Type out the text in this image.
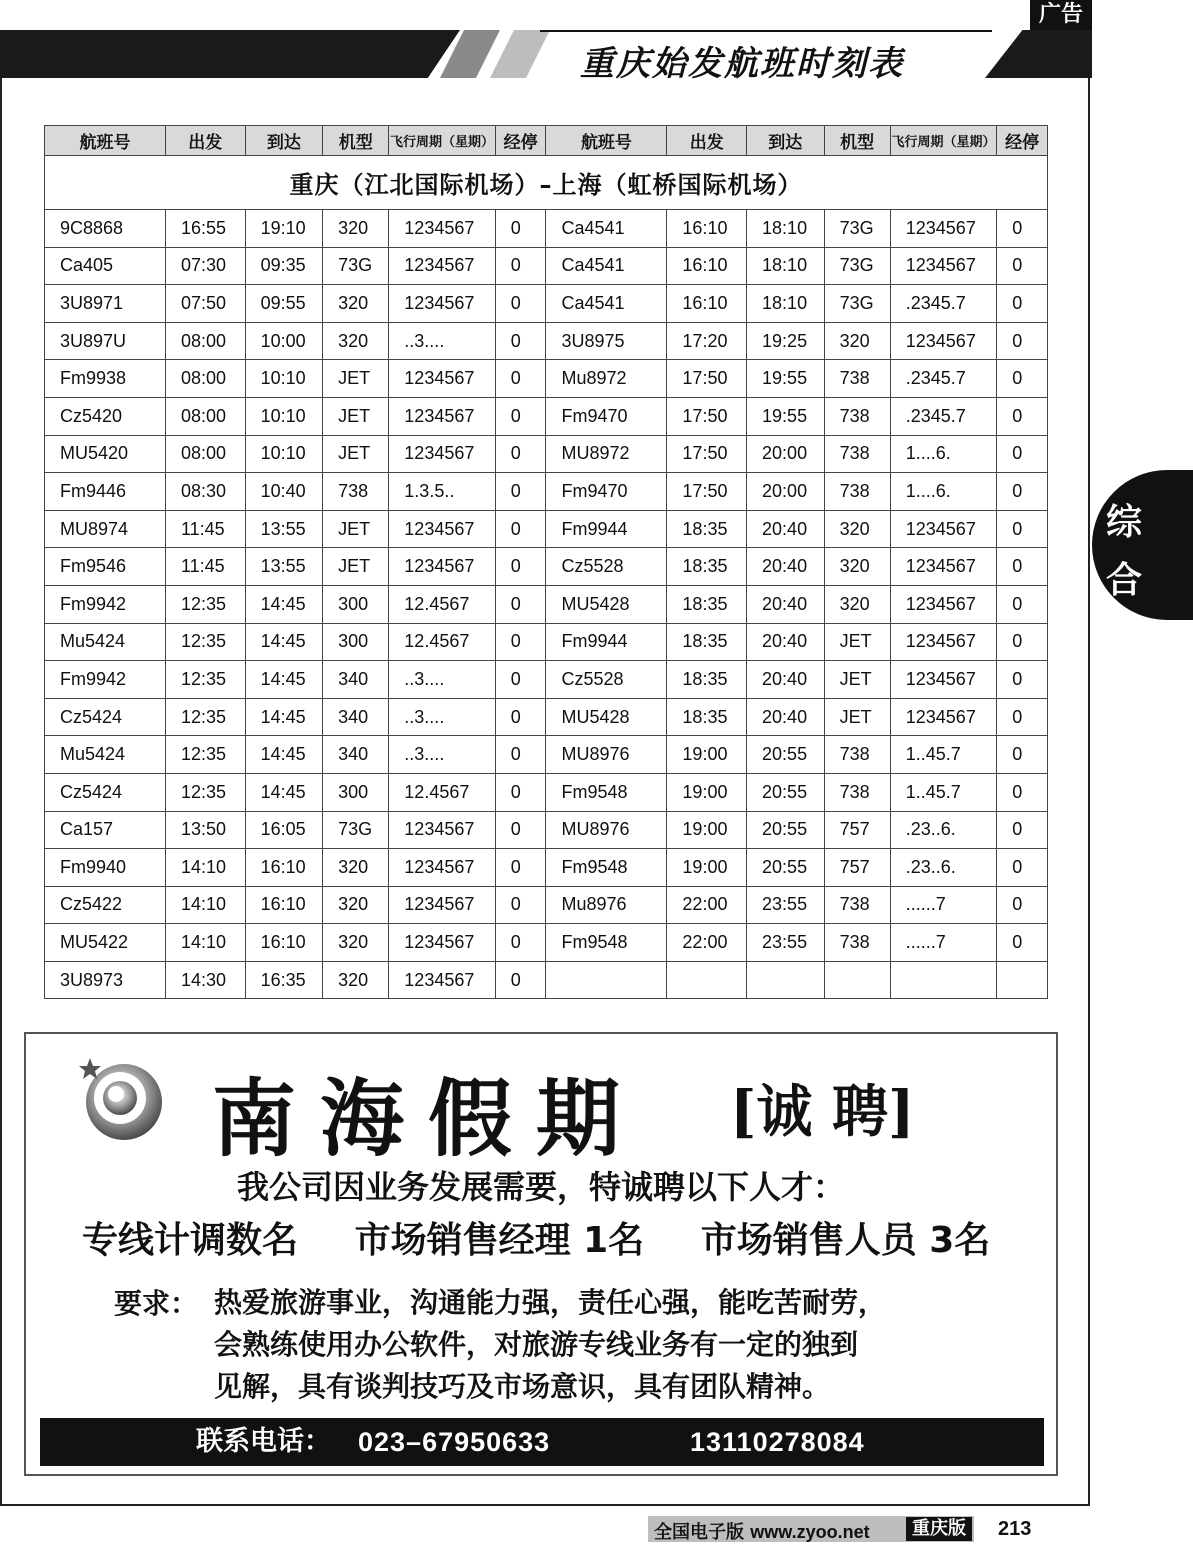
广告
重庆始发航班时刻表
航班号	出发	到达	机型	飞行周期（星期）	经停	航班号	出发	到达	机型	飞行周期（星期）	经停
重庆（江北国际机场）–上海（虹桥国际机场）											
9C8868	16:55	19:10	320	1234567	0	Ca4541	16:10	18:10	73G	1234567	0
Ca405	07:30	09:35	73G	1234567	0	Ca4541	16:10	18:10	73G	1234567	0
3U8971	07:50	09:55	320	1234567	0	Ca4541	16:10	18:10	73G	.2345.7	0
3U897U	08:00	10:00	320	..3....	0	3U8975	17:20	19:25	320	1234567	0
Fm9938	08:00	10:10	JET	1234567	0	Mu8972	17:50	19:55	738	.2345.7	0
Cz5420	08:00	10:10	JET	1234567	0	Fm9470	17:50	19:55	738	.2345.7	0
MU5420	08:00	10:10	JET	1234567	0	MU8972	17:50	20:00	738	1....6.	0
Fm9446	08:30	10:40	738	1.3.5..	0	Fm9470	17:50	20:00	738	1....6.	0
MU8974	11:45	13:55	JET	1234567	0	Fm9944	18:35	20:40	320	1234567	0
Fm9546	11:45	13:55	JET	1234567	0	Cz5528	18:35	20:40	320	1234567	0
Fm9942	12:35	14:45	300	12.4567	0	MU5428	18:35	20:40	320	1234567	0
Mu5424	12:35	14:45	300	12.4567	0	Fm9944	18:35	20:40	JET	1234567	0
Fm9942	12:35	14:45	340	..3....	0	Cz5528	18:35	20:40	JET	1234567	0
Cz5424	12:35	14:45	340	..3....	0	MU5428	18:35	20:40	JET	1234567	0
Mu5424	12:35	14:45	340	..3....	0	MU8976	19:00	20:55	738	1..45.7	0
Cz5424	12:35	14:45	300	12.4567	0	Fm9548	19:00	20:55	738	1..45.7	0
Ca157	13:50	16:05	73G	1234567	0	MU8976	19:00	20:55	757	.23..6.	0
Fm9940	14:10	16:10	320	1234567	0	Fm9548	19:00	20:55	757	.23..6.	0
Cz5422	14:10	16:10	320	1234567	0	Mu8976	22:00	23:55	738	......7	0
MU5422	14:10	16:10	320	1234567	0	Fm9548	22:00	23:55	738	......7	0
3U8973	14:30	16:35	320	1234567	0						
综
合
南海假期 [诚 聘]
我公司因业务发展需要，特诚聘以下人才：
专线计调数名 市场销售经理 1名 市场销售人员 3名
要求： 热爱旅游事业，沟通能力强，责任心强，能吃苦耐劳，
会熟练使用办公软件，对旅游专线业务有一定的独到
见解，具有谈判技巧及市场意识，具有团队精神。
联系电话： 023–67950633	13110278084
全国电子版 www.zyoo.net	重庆版	213
